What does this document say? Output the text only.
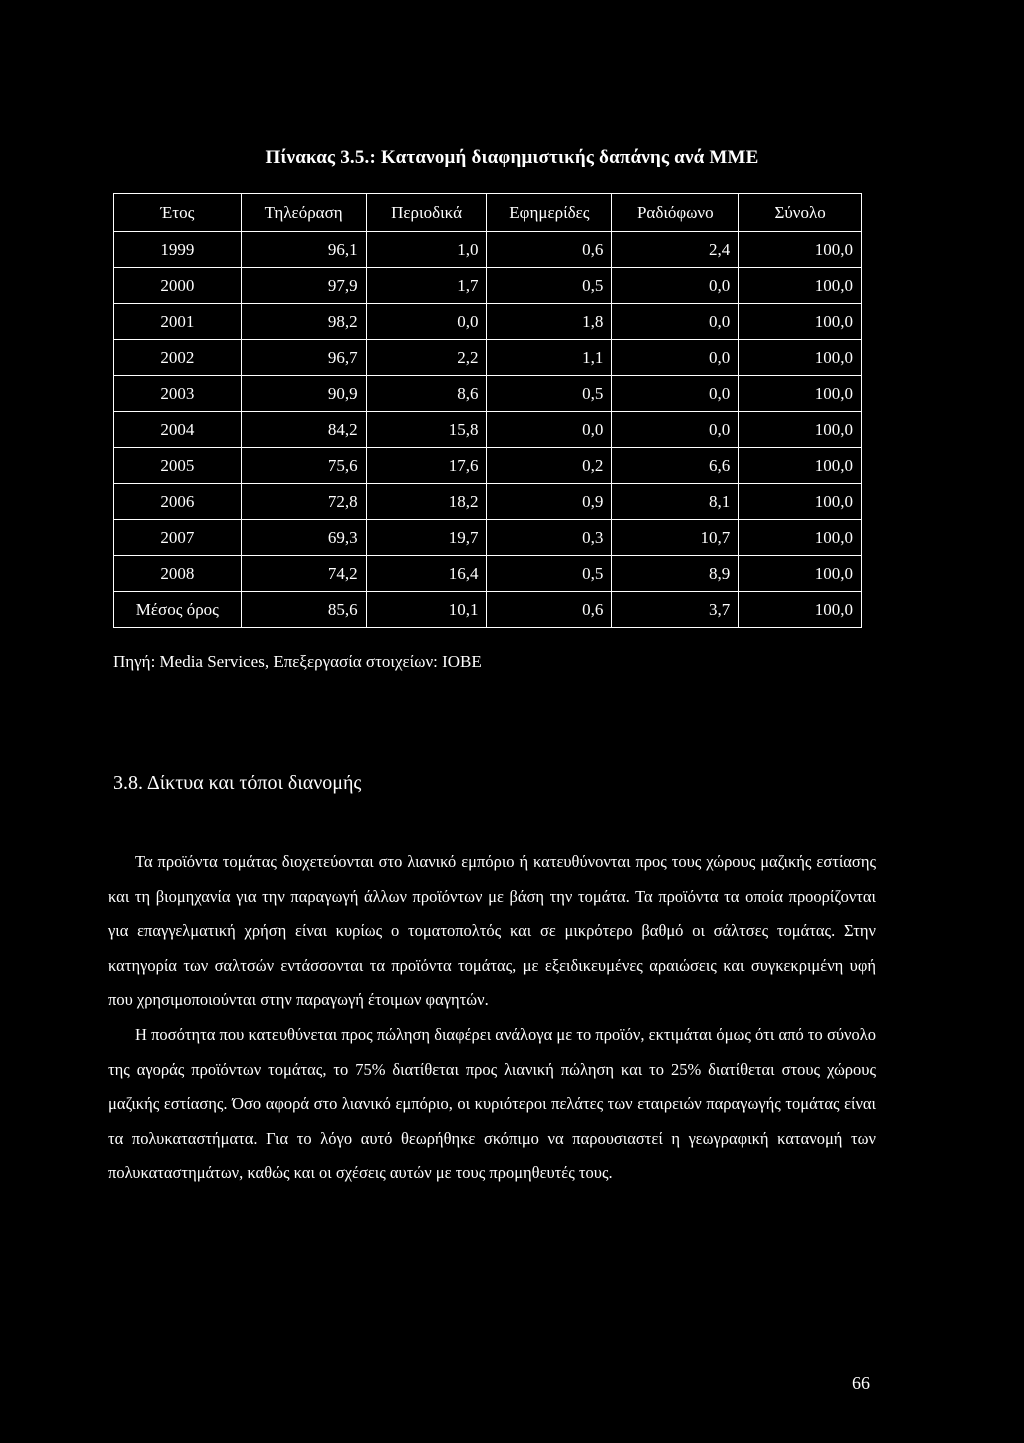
Πίνακας 3.5.: Κατανομή διαφημιστικής δαπάνης ανά ΜΜΕ
Έτος	Τηλεόραση	Περιοδικά	Εφημερίδες	Ραδιόφωνο	Σύνολο
1999	96,1	1,0	0,6	2,4	100,0
2000	97,9	1,7	0,5	0,0	100,0
2001	98,2	0,0	1,8	0,0	100,0
2002	96,7	2,2	1,1	0,0	100,0
2003	90,9	8,6	0,5	0,0	100,0
2004	84,2	15,8	0,0	0,0	100,0
2005	75,6	17,6	0,2	6,6	100,0
2006	72,8	18,2	0,9	8,1	100,0
2007	69,3	19,7	0,3	10,7	100,0
2008	74,2	16,4	0,5	8,9	100,0
Μέσος όρος	85,6	10,1	0,6	3,7	100,0
Πηγή: Media Services, Επεξεργασία στοιχείων: ΙΟΒΕ
3.8. Δίκτυα και τόποι διανομής

Τα προϊόντα τομάτας διοχετεύονται στο λιανικό εμπόριο ή κατευθύνονται προς τους χώρους μαζικής εστίασης και τη βιομηχανία για την παραγωγή άλλων προϊόντων με βάση την τομάτα. Τα προϊόντα τα οποία προορίζονται για επαγγελματική χρήση είναι κυρίως ο τοματοπολτός και σε μικρότερο βαθμό οι σάλτσες τομάτας. Στην κατηγορία των σαλτσών εντάσσονται τα προϊόντα τομάτας, με εξειδικευμένες αραιώσεις και συγκεκριμένη υφή που χρησιμοποιούνται στην παραγωγή έτοιμων φαγητών.

Η ποσότητα που κατευθύνεται προς πώληση διαφέρει ανάλογα με το προϊόν, εκτιμάται όμως ότι από το σύνολο της αγοράς προϊόντων τομάτας, το 75% διατίθεται προς λιανική πώληση και το 25% διατίθεται στους χώρους μαζικής εστίασης. Όσο αφορά στο λιανικό εμπόριο, οι κυριότεροι πελάτες των εταιρειών παραγωγής τομάτας είναι τα πολυκαταστήματα. Για το λόγο αυτό θεωρήθηκε σκόπιμο να παρουσιαστεί η γεωγραφική κατανομή των πολυκαταστημάτων, καθώς και οι σχέσεις αυτών με τους προμηθευτές τους.

66
